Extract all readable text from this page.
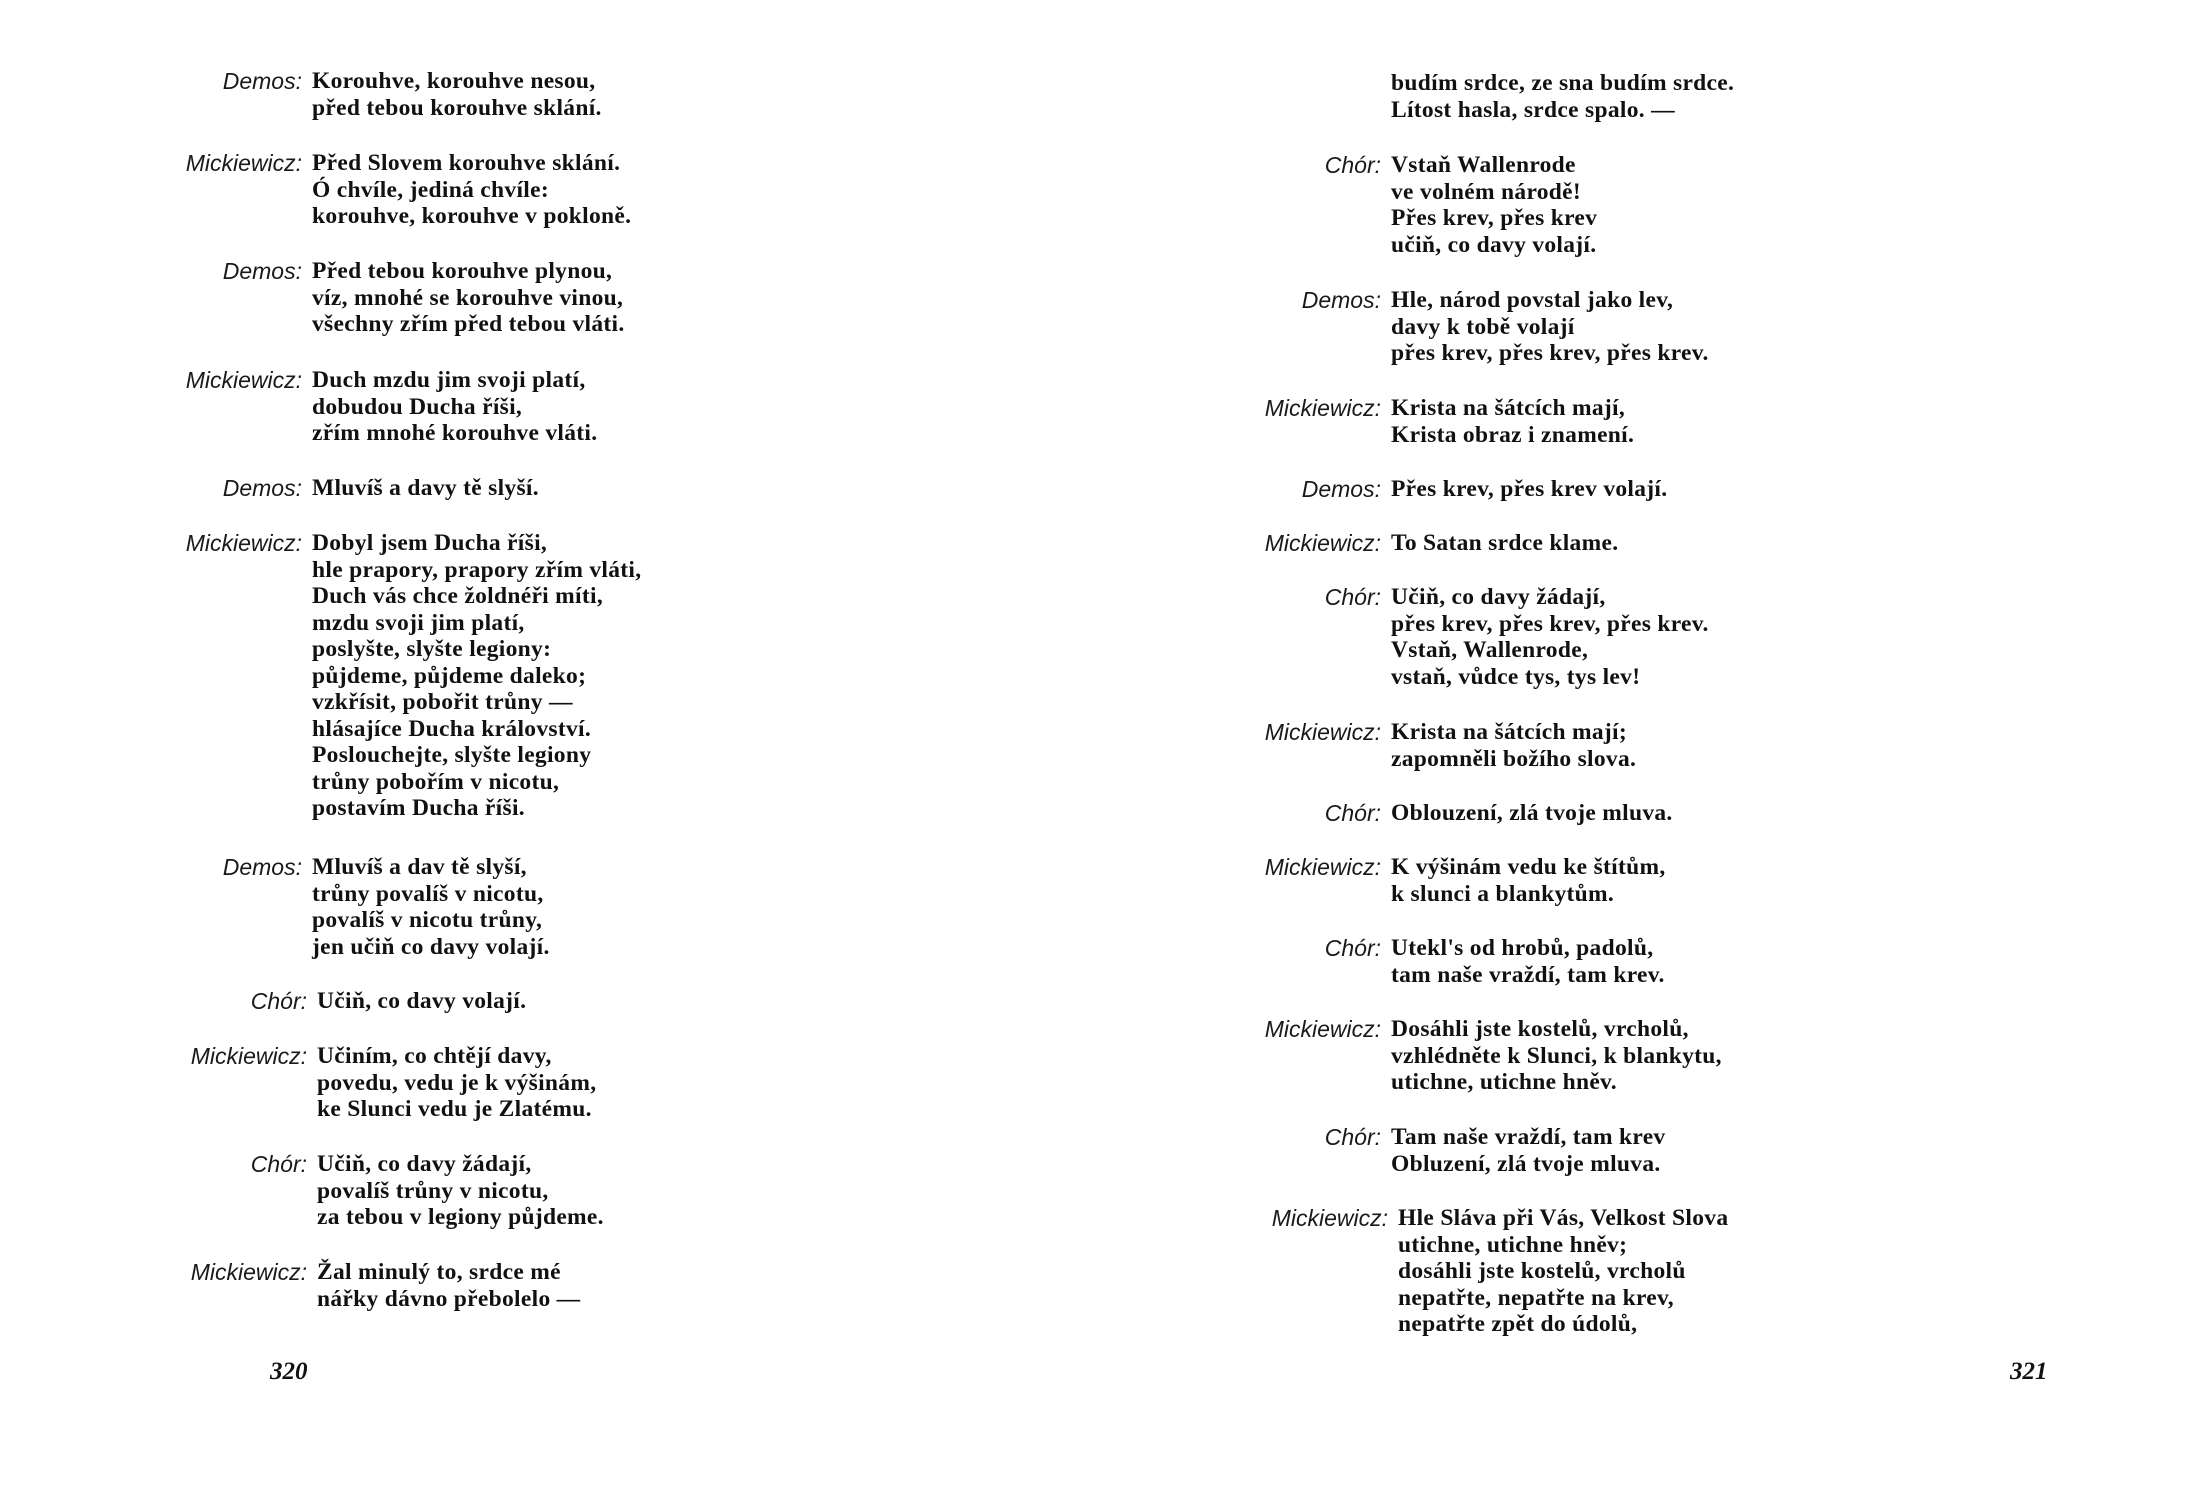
Demos: Korouhve, korouhve nesou,
před tebou korouhve sklání.
Mickiewicz: Před Slovem korouhve sklání.
Ó chvíle, jediná chvíle:
korouhve, korouhve v pokloně.
Demos: Před tebou korouhve plynou,
víz, mnohé se korouhve vinou,
všechny zřím před tebou vláti.
Mickiewicz: Duch mzdu jim svoji platí,
dobudou Ducha říši,
zřím mnohé korouhve vláti.
Demos: Mluvíš a davy tě slyší.
Mickiewicz: Dobyl jsem Ducha říši,
hle prapory, prapory zřím vláti,
Duch vás chce žoldnéři míti,
mzdu svoji jim platí,
poslyšte, slyšte legiony:
půjdeme, půjdeme daleko;
vzkřísit, pobořit trůny —
hlásajíce Ducha království.
Poslouchejte, slyšte legiony
trůny pobořím v nicotu,
postavím Ducha říši.
Demos: Mluvíš a dav tě slyší,
trůny povalíš v nicotu,
povalíš v nicotu trůny,
jen učiň co davy volají.
Chór: Učiň, co davy volají.
Mickiewicz: Učiním, co chtějí davy,
povedu, vedu je k výšinám,
ke Slunci vedu je Zlatému.
Chór: Učiň, co davy žádají,
povalíš trůny v nicotu,
za tebou v legiony půjdeme.
Mickiewicz: Žal minulý to, srdce mé
nářky dávno přebolelo —
320
budím srdce, ze sna budím srdce.
Lítost hasla, srdce spalo. —
Chór: Vstaň Wallenrode
ve volném národě!
Přes krev, přes krev
učiň, co davy volají.
Demos: Hle, národ povstal jako lev,
davy k tobě volají
přes krev, přes krev, přes krev.
Mickiewicz: Krista na šátcích mají,
Krista obraz i znamení.
Demos: Přes krev, přes krev volají.
Mickiewicz: To Satan srdce klame.
Chór: Učiň, co davy žádají,
přes krev, přes krev, přes krev.
Vstaň, Wallenrode,
vstaň, vůdce tys, tys lev!
Mickiewicz: Krista na šátcích mají;
zapomněli božího slova.
Chór: Oblouzení, zlá tvoje mluva.
Mickiewicz: K výšinám vedu ke štítům,
k slunci a blankytům.
Chór: Utekl's od hrobů, padolů,
tam naše vraždí, tam krev.
Mickiewicz: Dosáhli jste kostelů, vrcholů,
vzhlédněte k Slunci, k blankytu,
utichne, utichne hněv.
Chór: Tam naše vraždí, tam krev
Obluzení, zlá tvoje mluva.
Mickiewicz: Hle Sláva při Vás, Velkost Slova
utichne, utichne hněv;
dosáhli jste kostelů, vrcholů
nepatřte, nepatřte na krev,
nepatřte zpět do údolů,
321
